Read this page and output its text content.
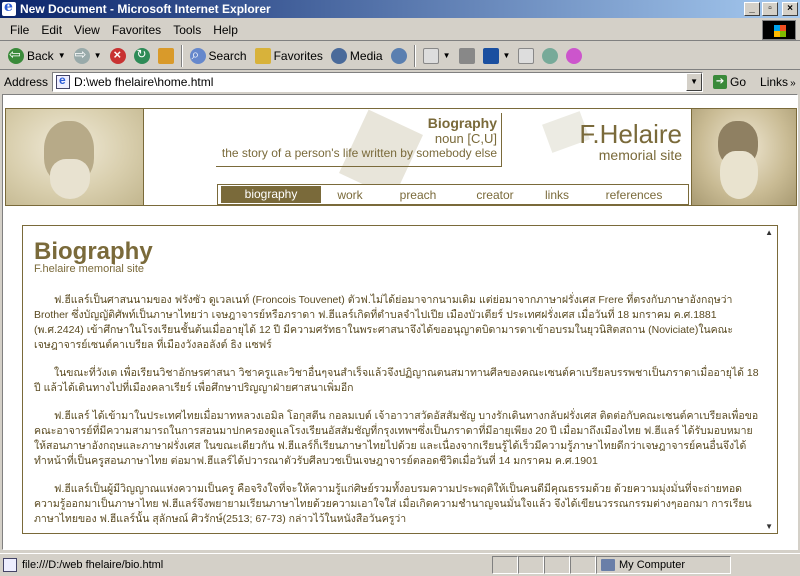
e
New Document - Microsoft Internet Explorer	_	▫	×
File	Edit	View	Favorites	Tools	Help
⇦
Back ▼ ⇨	▼ × ↻ ⌕	Search Favorites Media	▼	▼
Address e D:\web fhelaire\home.html	▼	➔ Go Links »
Biography
noun [C,U]
the story of a person's life written by somebody else
F.Helaire
memorial site
biography	work	preach	creator	links	references
▲
Biography
F.helaire memorial site

ฟ.ฮีแลร์เป็นศาสนนามของ ฟรังซัว ดูเวลเนท์ (Froncois Touvenet) ตัวฟ.ไม่ได้ย่อมาจากนามเดิม แต่ย่อมาจากภาษาฝรั่งเศส Frere ที่ตรงกับภาษาอังกฤษว่า Brother ซึ่งบัญญัติศัพท์เป็นภาษาไทยว่า เจษฎาจารย์หรือภราดา ฟ.ฮีแลร์เกิดที่ตำบลจำไปเปีย เมืองบัวเตียร์ ประเทศฝรั่งเศส เมื่อวันที่ 18 มกราคม ค.ศ.1881 (พ.ศ.2424) เข้าศึกษาในโรงเรียนชั้นต้นเมื่ออายุได้ 12 ปี มีความศรัทธาในพระศาสนาจึงได้ขออนุญาตบิดามารดาเข้าอบรมในยุวนิสิตสถาน (Noviciate)ในคณะเจษฎาจารย์เซนต์คาเบรียล ที่เมืองวังลอลังต์ ธิง แซฟร์

ในขณะที่วังเต เพื่อเรียนวิชาอักษรศาสนา วิชาครูและวิชาอื่นๆจนสำเร็จแล้วจึงปฏิญาณตนสมาทานศีลของคณะเซนต์คาเบรียลบรรพชาเป็นภราดาเมื่ออายุได้ 18 ปี แล้วได้เดินทางไปที่เมืองคลาเรียร์ เพื่อศึกษาปริญญาฝ่ายศาสนาเพิ่มอีก

ฟ.ฮีแลร์ ได้เข้ามาในประเทศไทยเมื่อมาทหลวงเอมิล โอกุสตีน กอลมเบต์ เจ้าอาวาสวัดอัสสัมชัญ บางรักเดินทางกลับฝรั่งเศส ติดต่อกับคณะเซนต์คาเบรียลเพื่อขอคณะอาจารย์ที่มีความสามารถในการสอนมาปกครองดูแลโรงเรียนอัสสัมชัญที่กรุงเทพฯซึ่งเป็นภราดาที่มีอายุเพียง 20 ปี เมื่อมาถึงเมืองไทย ฟ.ฮีแลร์ ได้รับมอบหมายให้สอนภาษาอังกฤษและภาษาฝรั่งเศส ในขณะเดียวกัน ฟ.ฮีแลร์ก็เรียนภาษาไทยไปด้วย และเนื่องจากเรียนรู้ได้เร็วมีความรู้ภาษาไทยดีกว่าเจษฎาจารย์คนอื่นจึงได้ทำหน้าที่เป็นครูสอนภาษาไทย ต่อมาฟ.ฮีแลร์ได้ปวารณาตัวรับศีลบวชเป็นเจษฎาจารย์ตลอดชีวิตเมื่อวันที่ 14 มกราคม ค.ศ.1901

ฟ.ฮีแลร์เป็นผู้มีวิญญาณแห่งความเป็นครู คือจริงใจที่จะให้ความรู้แก่ศิษย์รวมทั้งอบรมความประพฤติให้เป็นคนดีมีคุณธรรมด้วย ด้วยความมุ่งมั่นที่จะถ่ายทอดความรู้ออกมาเป็นภาษาไทย ฟ.ฮีแลร์จึงพยายามเรียนภาษาไทยด้วยความเอาใจใส่ เมื่อเกิดความชำนาญจนมั่นใจแล้ว จึงได้เขียนวรรณกรรมต่างๆออกมา การเรียนภาษาไทยของ ฟ.ฮีแลร์นั้น สุลักษณ์ ศิวรักษ์(2513; 67-73) กล่าวไว้ในหนังสือวันครูว่า

▼
file:///D:/web fhelaire/bio.html	My Computer
